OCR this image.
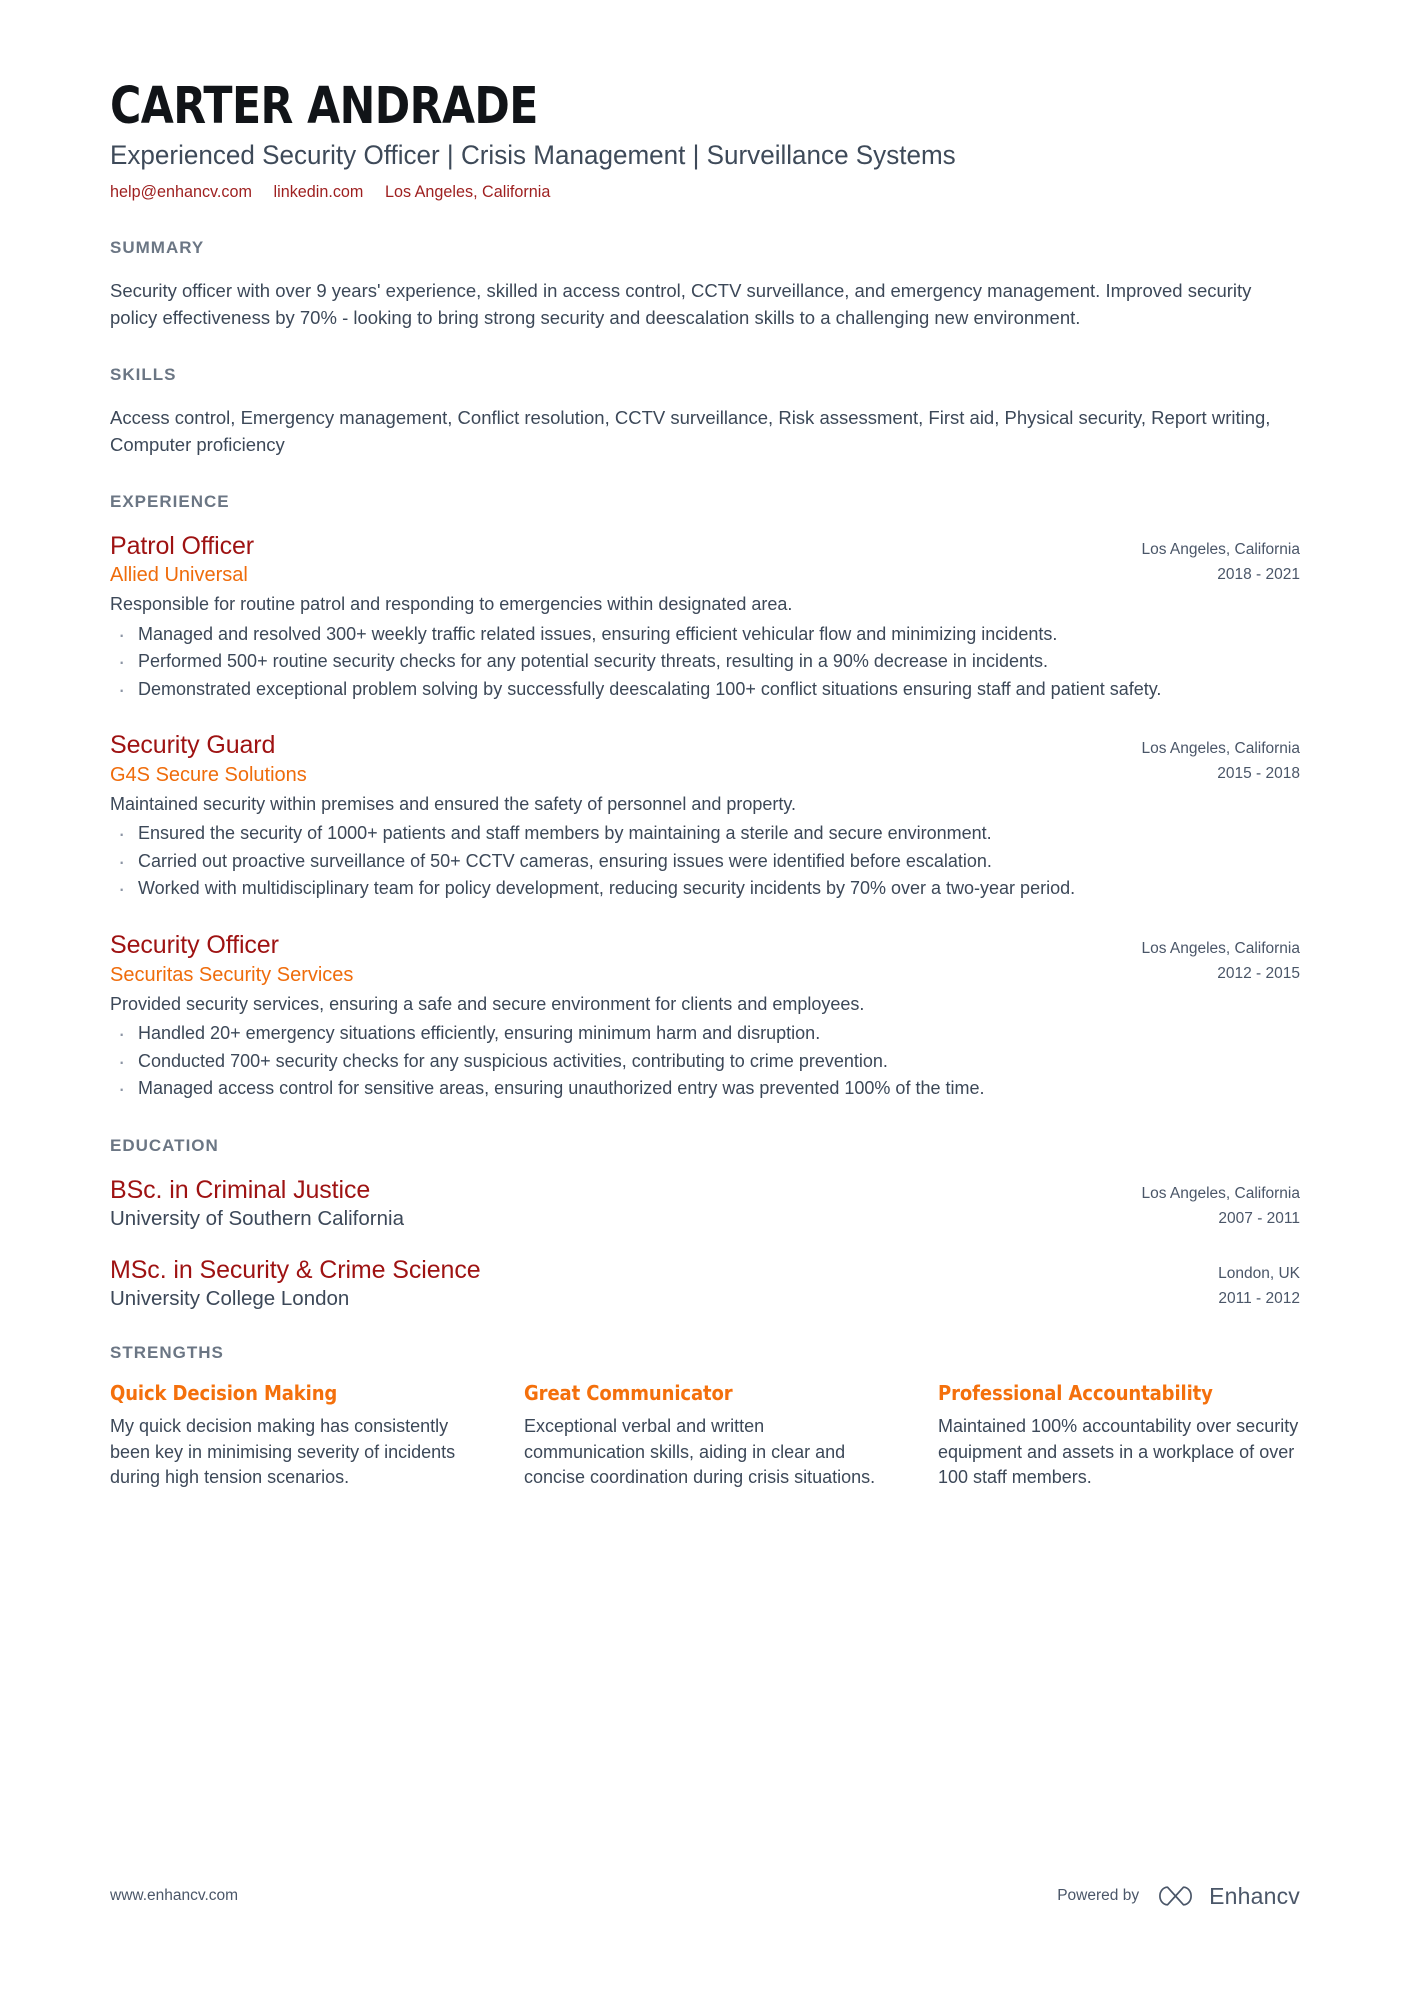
CARTER ANDRADE
Experienced Security Officer | Crisis Management | Surveillance Systems
help@enhancv.com linkedin.com Los Angeles, California
SUMMARY
Security officer with over 9 years' experience, skilled in access control, CCTV surveillance, and emergency management. Improved security policy effectiveness by 70% - looking to bring strong security and deescalation skills to a challenging new environment.
SKILLS
Access control, Emergency management, Conflict resolution, CCTV surveillance, Risk assessment, First aid, Physical security, Report writing, Computer proficiency
EXPERIENCE
Patrol Officer
Allied Universal
Los Angeles, California
2018 - 2021
Responsible for routine patrol and responding to emergencies within designated area.
· Managed and resolved 300+ weekly traffic related issues, ensuring efficient vehicular flow and minimizing incidents.
· Performed 500+ routine security checks for any potential security threats, resulting in a 90% decrease in incidents.
· Demonstrated exceptional problem solving by successfully deescalating 100+ conflict situations ensuring staff and patient safety.
Security Guard
G4S Secure Solutions
Los Angeles, California
2015 - 2018
Maintained security within premises and ensured the safety of personnel and property.
· Ensured the security of 1000+ patients and staff members by maintaining a sterile and secure environment.
· Carried out proactive surveillance of 50+ CCTV cameras, ensuring issues were identified before escalation.
· Worked with multidisciplinary team for policy development, reducing security incidents by 70% over a two-year period.
Security Officer
Securitas Security Services
Los Angeles, California
2012 - 2015
Provided security services, ensuring a safe and secure environment for clients and employees.
· Handled 20+ emergency situations efficiently, ensuring minimum harm and disruption.
· Conducted 700+ security checks for any suspicious activities, contributing to crime prevention.
· Managed access control for sensitive areas, ensuring unauthorized entry was prevented 100% of the time.
EDUCATION
BSc. in Criminal Justice
University of Southern California
Los Angeles, California
2007 - 2011
MSc. in Security & Crime Science
University College London
London, UK
2011 - 2012
STRENGTHS
Quick Decision Making
My quick decision making has consistently been key in minimising severity of incidents during high tension scenarios.
Great Communicator
Exceptional verbal and written communication skills, aiding in clear and concise coordination during crisis situations.
Professional Accountability
Maintained 100% accountability over security equipment and assets in a workplace of over 100 staff members.
www.enhancv.com	Powered by	Enhancv
